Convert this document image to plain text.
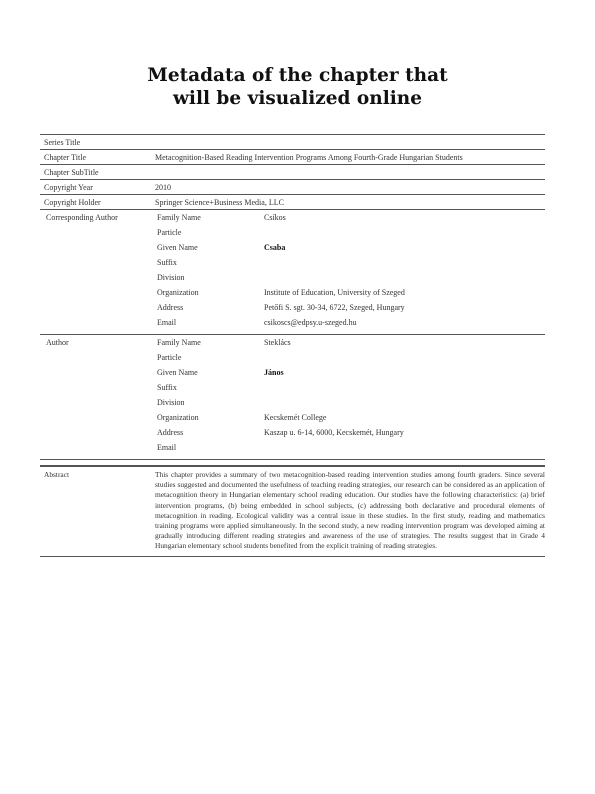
Metadata of the chapter that
will be visualized online
Series Title
Chapter Title	Metacognition-Based Reading Intervention Programs Among Fourth-Grade Hungarian Students
Chapter SubTitle
Copyright Year	2010
Copyright Holder	Springer Science+Business Media, LLC
Corresponding Author	Family Name	Csíkos
Particle
Given Name	Csaba
Suffix
Division
Organization	Institute of Education, University of Szeged
Address	Petőfi S. sgt. 30-34, 6722, Szeged, Hungary
Email	csikoscs@edpsy.u-szeged.hu
Author	Family Name	Steklács
Particle
Given Name	János
Suffix
Division
Organization	Kecskemét College
Address	Kaszap u. 6-14, 6000, Kecskemét, Hungary
Email
Abstract	This chapter provides a summary of two metacognition-based reading intervention studies among fourth graders. Since several studies suggested and documented the usefulness of teaching reading strategies, our research can be considered as an application of metacognition theory in Hungarian elementary school reading education. Our studies have the following characteristics: (a) brief intervention programs, (b) being embedded in school subjects, (c) addressing both declarative and procedural elements of metacognition in reading. Ecological validity was a central issue in these studies. In the first study, reading and mathematics training programs were applied simultaneously. In the second study, a new reading intervention program was developed aiming at gradually introducing different reading strategies and awareness of the use of strategies. The results suggest that in Grade 4 Hungarian elementary school students benefited from the explicit training of reading strategies.
